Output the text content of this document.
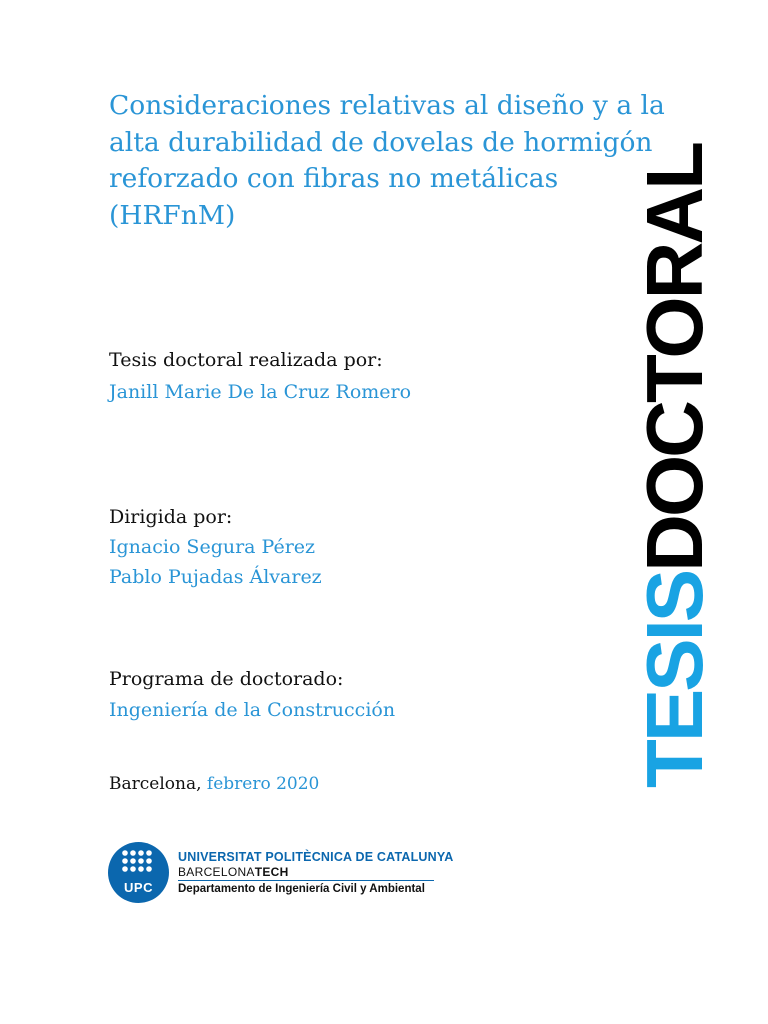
Consideraciones relativas al diseño y a la alta durabilidad de dovelas de hormigón reforzado con fibras no metálicas (HRFnM)
Tesis doctoral realizada por:
Janill Marie De la Cruz Romero
Dirigida por:
Ignacio Segura Pérez
Pablo Pujadas Álvarez
Programa de doctorado:
Ingeniería de la Construcción
Barcelona, febrero 2020	TESISDOCTORAL
UPC
UNIVERSITAT POLITÈCNICA DE CATALUNYA
BARCELONATECH
Departamento de Ingeniería Civil y Ambiental
